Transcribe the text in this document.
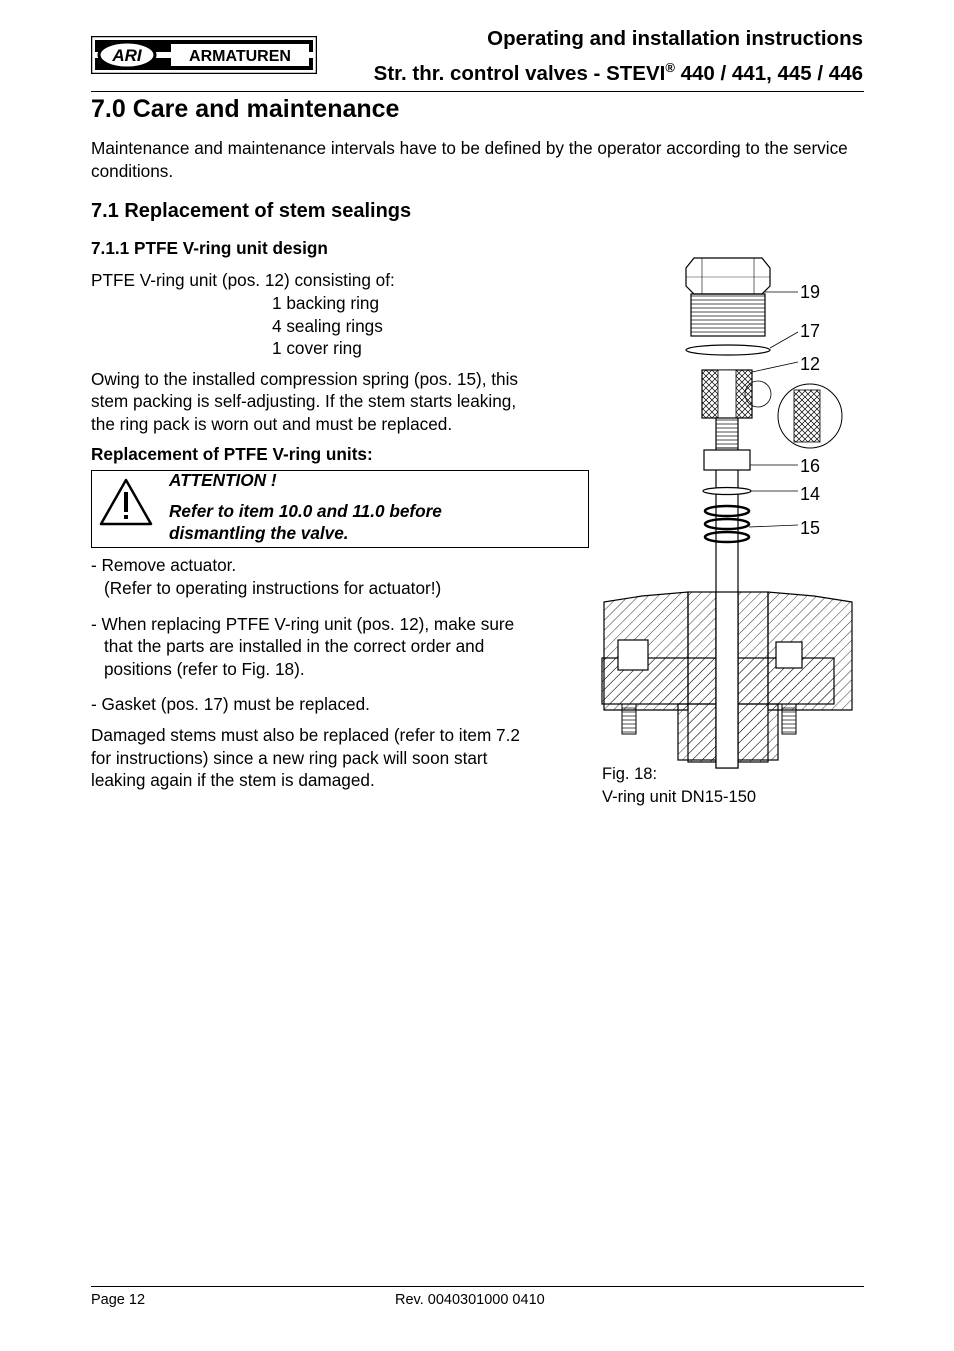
ARI	ARMATUREN
Operating and installation instructions
Str. thr. control valves - STEVI® 440 / 441, 445 / 446
7.0 Care and maintenance
Maintenance and maintenance intervals have to be defined by the operator according to the service conditions.
7.1 Replacement of stem sealings
7.1.1 PTFE V-ring unit design
PTFE V-ring unit (pos. 12) consisting of:
1 backing ring
4 sealing rings
1 cover ring
Owing to the installed compression spring (pos. 15), this
stem packing is self-adjusting. If the stem starts leaking,
the ring pack is worn out and must be replaced.
Replacement of PTFE V-ring units:
ATTENTION !
Refer to item 10.0 and 11.0 before
dismantling the valve.
- Remove actuator.
(Refer to operating instructions for actuator!)
- When replacing PTFE V-ring unit (pos. 12), make sure
that the parts are installed in the correct order and
positions (refer to Fig. 18).
- Gasket (pos. 17) must be replaced.
Damaged stems must also be replaced (refer to item 7.2
for instructions) since a new ring pack will soon start
leaking again if the stem is damaged.
19
17
12
16
14
15
Fig. 18:
V-ring unit DN15-150
Page 12	Rev. 0040301000 0410
